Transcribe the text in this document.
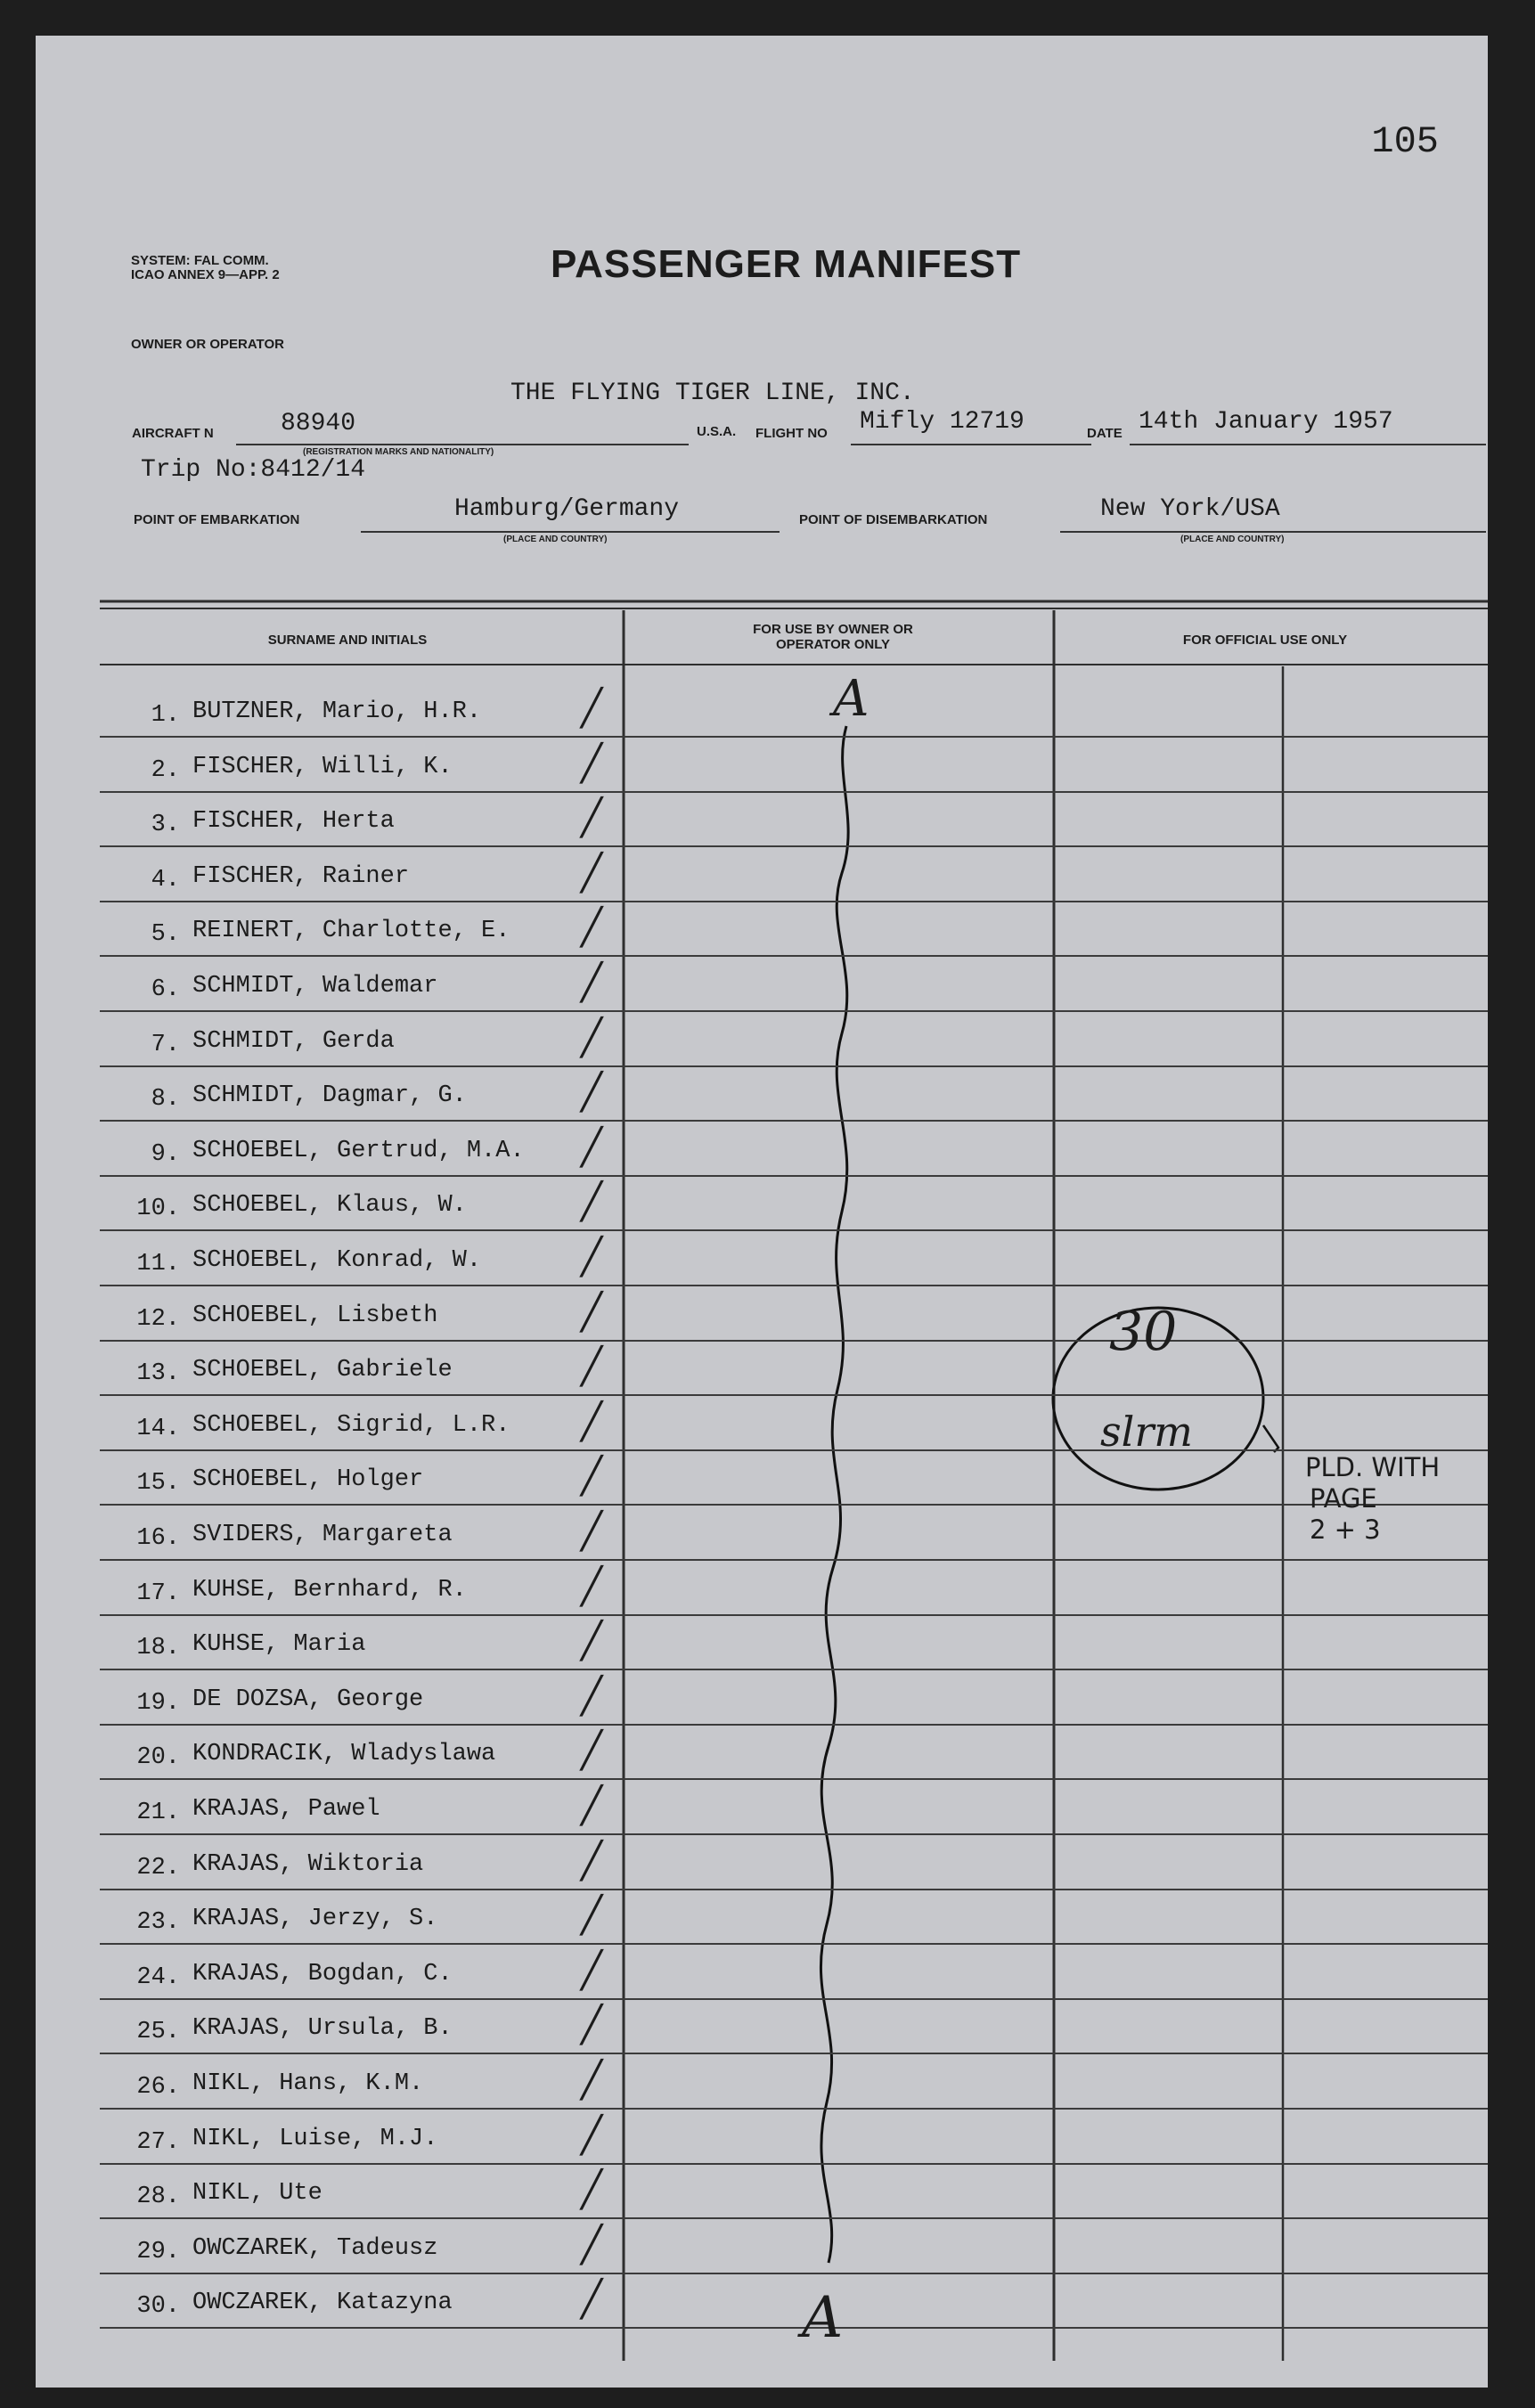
105
SYSTEM: FAL COMM.
ICAO ANNEX 9—APP. 2	PASSENGER MANIFEST
OWNER OR OPERATOR
THE FLYING TIGER LINE, INC.
AIRCRAFT N	88940
(REGISTRATION MARKS AND NATIONALITY)
U.S.A. FLIGHT NO Mifly 12719	DATE 14th January 1957
Trip No:8412/14
POINT OF EMBARKATION	Hamburg/Germany
(PLACE AND COUNTRY)
POINT OF DISEMBARKATION	New York/USA
(PLACE AND COUNTRY)
SURNAME AND INITIALS
FOR USE BY OWNER OR OPERATOR ONLY	FOR OFFICIAL USE ONLY
1. BUTZNER, Mario, H.R.	╱
2. FISCHER, Willi, K.	╱
3. FISCHER, Herta	╱
4. FISCHER, Rainer	╱
5. REINERT, Charlotte, E. ╱
6. SCHMIDT, Waldemar	╱
7. SCHMIDT, Gerda	╱
8. SCHMIDT, Dagmar, G.	╱
9. SCHOEBEL, Gertrud, M.A. ╱
10. SCHOEBEL, Klaus, W.	╱
11. SCHOEBEL, Konrad, W.	╱
12. SCHOEBEL, Lisbeth	╱
13. SCHOEBEL, Gabriele	╱
14. SCHOEBEL, Sigrid, L.R. ╱
15. SCHOEBEL, Holger	╱
16. SVIDERS, Margareta	╱
17. KUHSE, Bernhard, R.	╱
18. KUHSE, Maria	╱
19. DE DOZSA, George	╱
20. KONDRACIK, Wladyslawa ╱
21. KRAJAS, Pawel	╱
22. KRAJAS, Wiktoria	╱
23. KRAJAS, Jerzy, S.	╱
24. KRAJAS, Bogdan, C.	╱
25. KRAJAS, Ursula, B.	╱
26. NIKL, Hans, K.M.	╱
27. NIKL, Luise, M.J.	╱
28. NIKL, Ute	╱
29. OWCZAREK, Tadeusz	╱
30. OWCZAREK, Katazyna	╱
A
A
30
slrm
PLD. WITH
PAGE
2 + 3
